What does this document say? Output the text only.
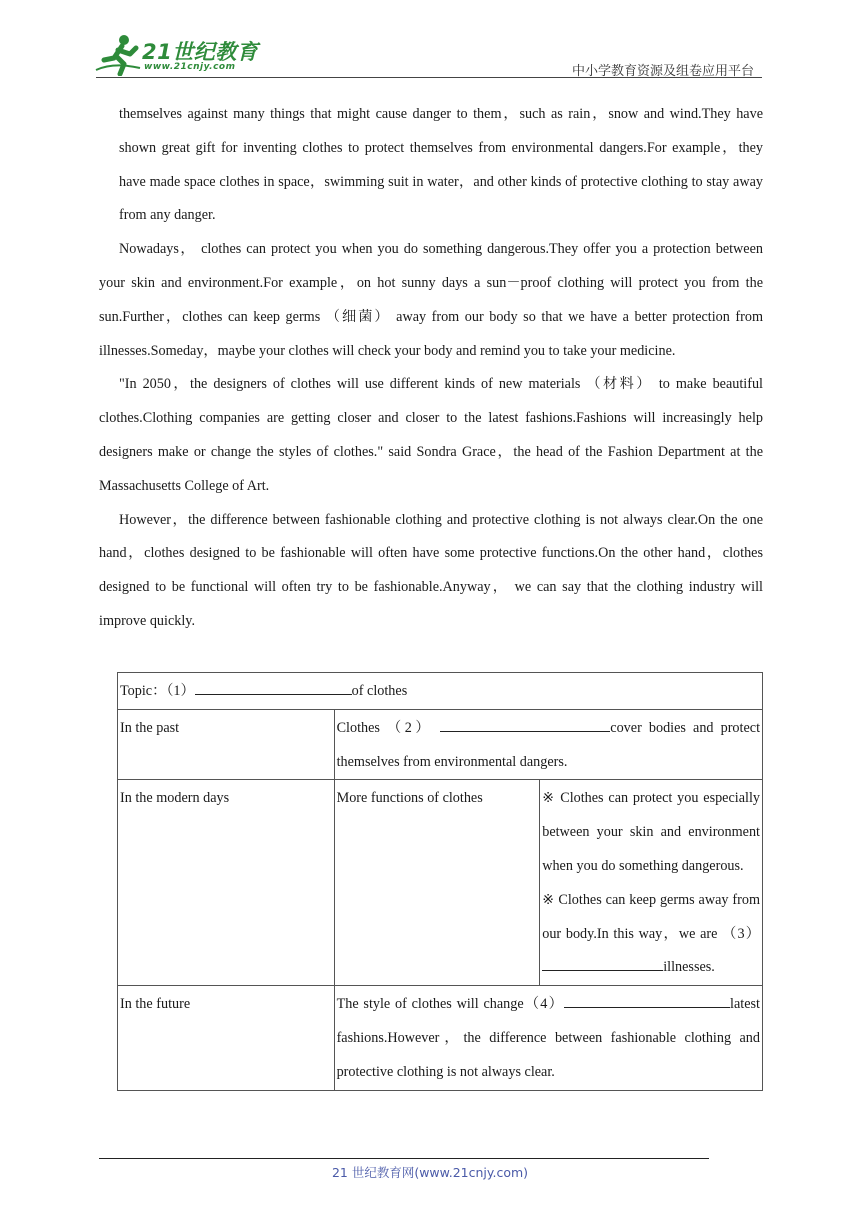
21世纪教育
www.21cnjy.com	中小学教育资源及组卷应用平台

themselves against many things that might cause danger to them，such as rain，snow and wind.They have shown great gift for inventing clothes to protect themselves from environmental dangers.For example，they have made space clothes in space，swimming suit in water，and other kinds of protective clothing to stay away from any danger.

Nowadays， clothes can protect you when you do something dangerous.They offer you a protection between your skin and environment.For example，on hot sunny days a sun－proof clothing will protect you from the sun.Further，clothes can keep germs （细菌） away from our body so that we have a better protection from illnesses.Someday，maybe your clothes will check your body and remind you to take your medicine.

"In 2050，the designers of clothes will use different kinds of new materials （材料） to make beautiful clothes.Clothing companies are getting closer and closer to the latest fashions.Fashions will increasingly help designers make or change the styles of clothes." said Sondra Grace，the head of the Fashion Department at the Massachusetts College of Art.

However，the difference between fashionable clothing and protective clothing is not always clear.On the one hand，clothes designed to be fashionable will often have some protective functions.On the other hand，clothes designed to be functional will often try to be fashionable.Anyway， we can say that the clothing industry will improve quickly.

Topic：（1） of clothes		
In the past	Clothes （2） cover bodies and protect themselves from environmental dangers.	
In the modern days	More functions of clothes	※ Clothes can protect you especially between your skin and environment when you do something dangerous.
※ Clothes can keep germs away from our body.In this way，we are （3）illnesses.

In the future	The style of clothes will change（4） latest fashions.However，the difference between fashionable clothing and protective clothing is not always clear.	
21 世纪教育网(www.21cnjy.com)
